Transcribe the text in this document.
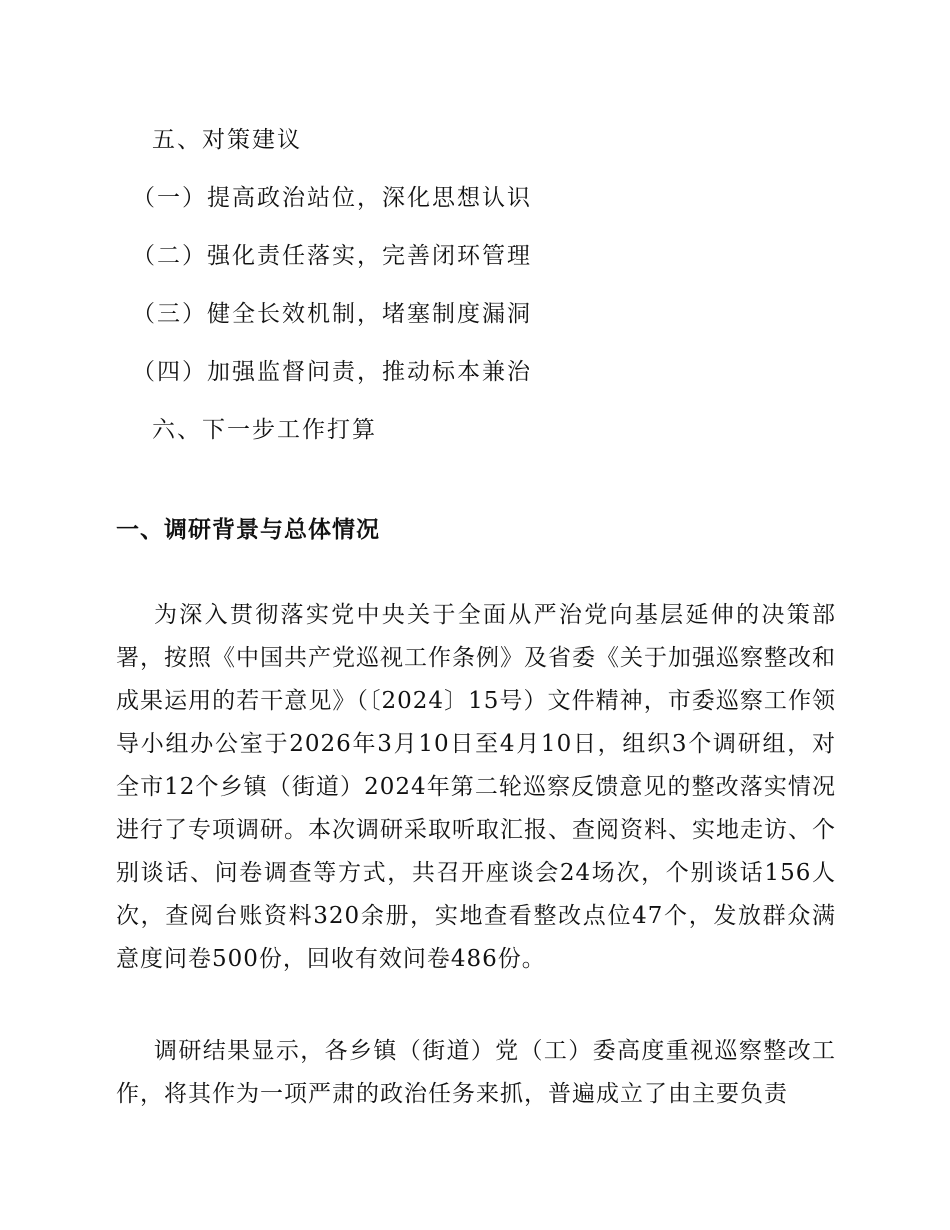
五、对策建议
（一）提高政治站位，深化思想认识
（二）强化责任落实，完善闭环管理
（三）健全长效机制，堵塞制度漏洞
（四）加强监督问责，推动标本兼治
六、下一步工作打算
一、调研背景与总体情况

为深入贯彻落实党中央关于全面从严治党向基层延伸的决策部署，按照《中国共产党巡视工作条例》及省委《关于加强巡察整改和成果运用的若干意见》（〔2024〕15号）文件精神，市委巡察工作领导小组办公室于2026年3月10日至4月10日，组织3个调研组，对全市12个乡镇（街道）2024年第二轮巡察反馈意见的整改落实情况进行了专项调研。本次调研采取听取汇报、查阅资料、实地走访、个别谈话、问卷调查等方式，共召开座谈会24场次，个别谈话156人次，查阅台账资料320余册，实地查看整改点位47个，发放群众满意度问卷500份，回收有效问卷486份。

调研结果显示，各乡镇（街道）党（工）委高度重视巡察整改工作，将其作为一项严肃的政治任务来抓，普遍成立了由主要负责
